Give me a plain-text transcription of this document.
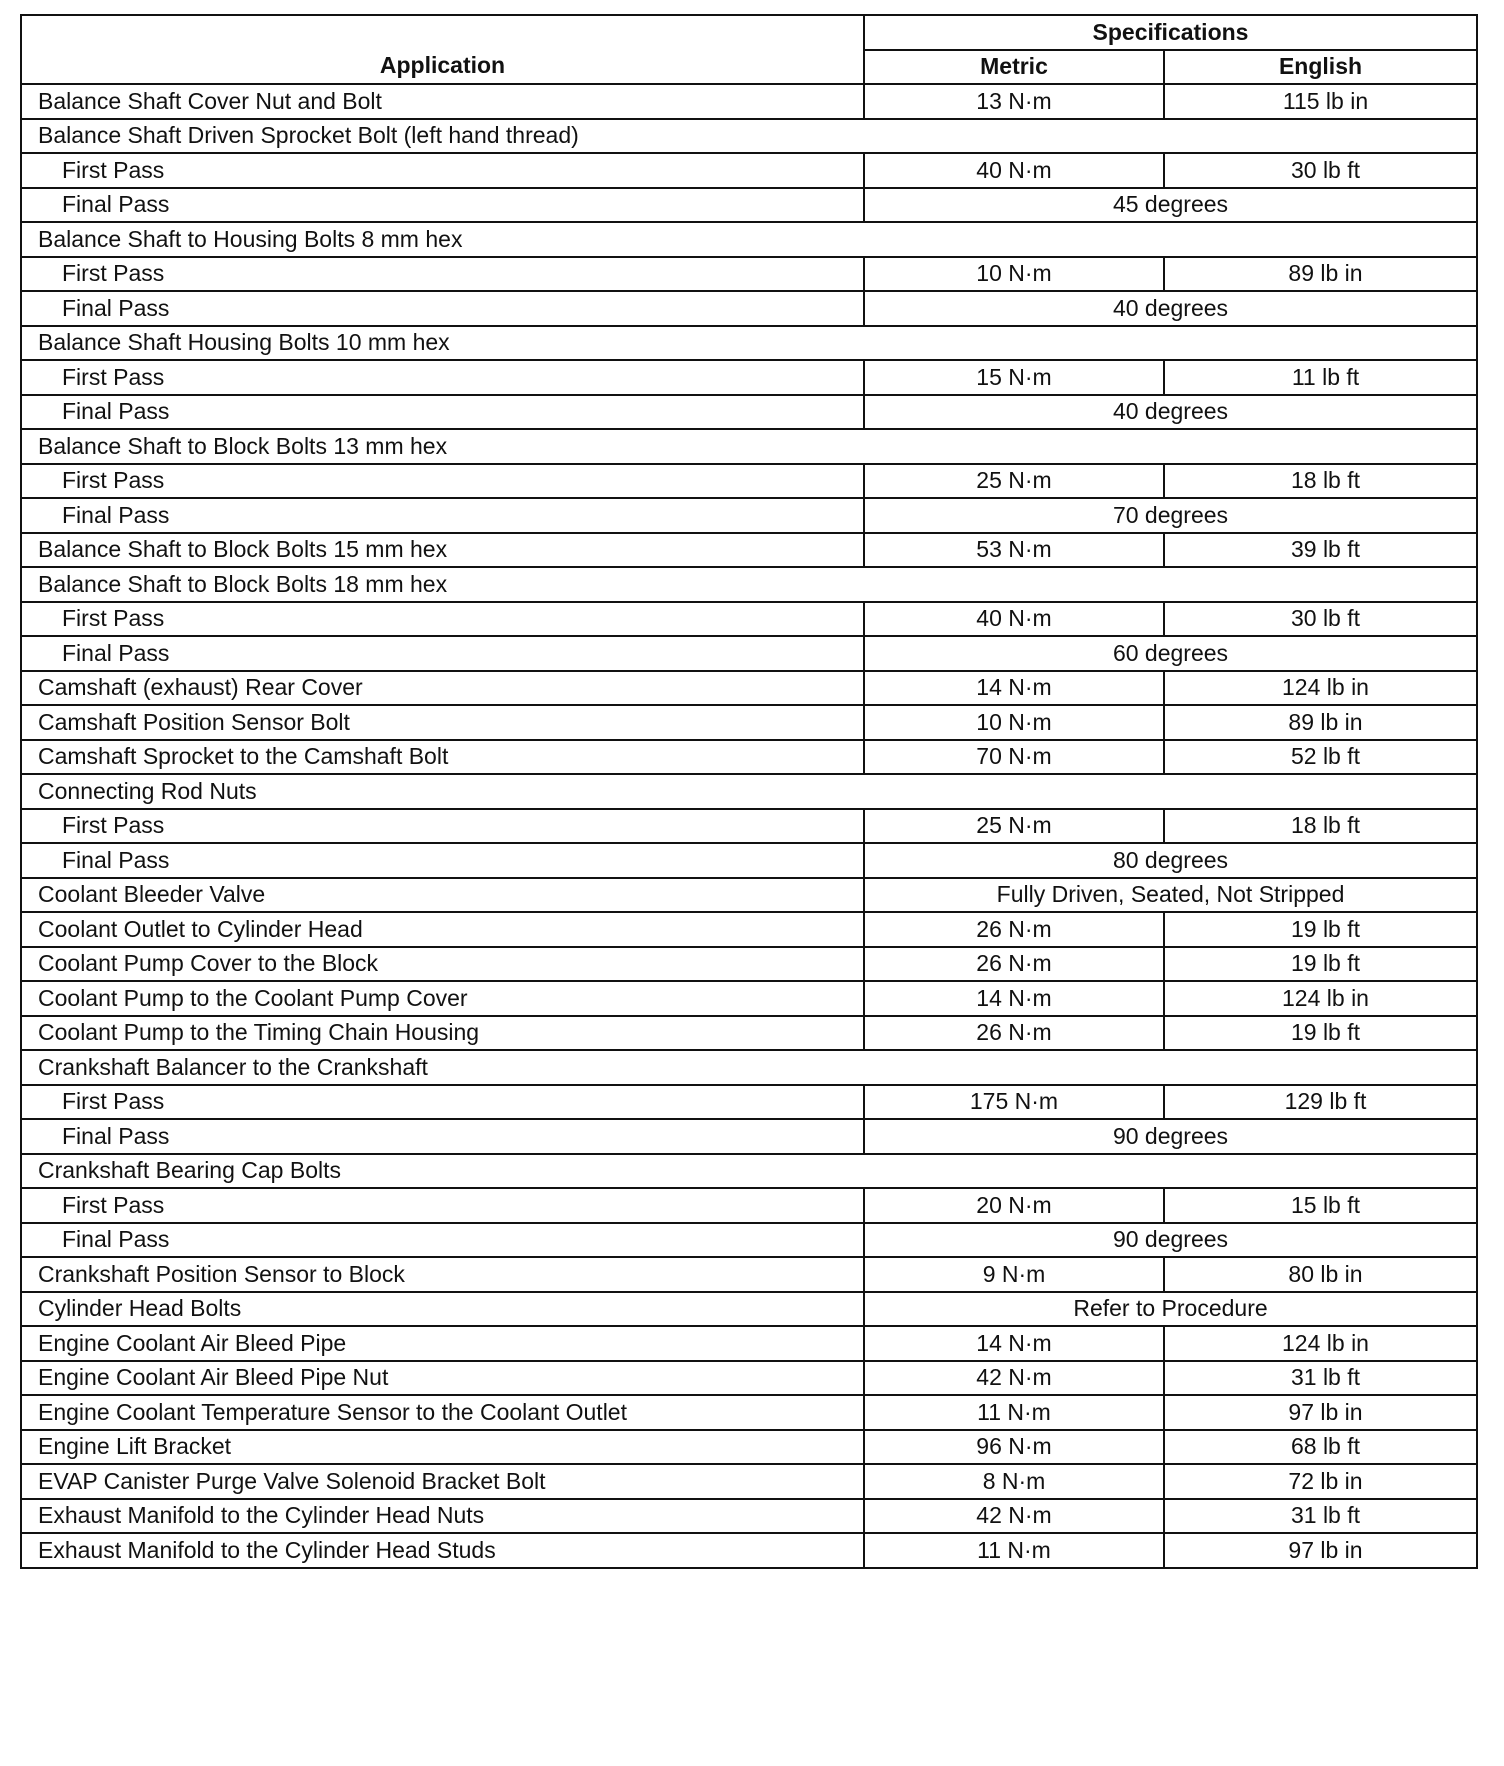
Application	Specifications	
	Metric	English
Balance Shaft Cover Nut and Bolt	13 N·m	115 lb in
Balance Shaft Driven Sprocket Bolt (left hand thread)		
First Pass	40 N·m	30 lb ft
Final Pass	45 degrees	
Balance Shaft to Housing Bolts 8 mm hex		
First Pass	10 N·m	89 lb in
Final Pass	40 degrees	
Balance Shaft Housing Bolts 10 mm hex		
First Pass	15 N·m	11 lb ft
Final Pass	40 degrees	
Balance Shaft to Block Bolts 13 mm hex		
First Pass	25 N·m	18 lb ft
Final Pass	70 degrees	
Balance Shaft to Block Bolts 15 mm hex	53 N·m	39 lb ft
Balance Shaft to Block Bolts 18 mm hex		
First Pass	40 N·m	30 lb ft
Final Pass	60 degrees	
Camshaft (exhaust) Rear Cover	14 N·m	124 lb in
Camshaft Position Sensor Bolt	10 N·m	89 lb in
Camshaft Sprocket to the Camshaft Bolt	70 N·m	52 lb ft
Connecting Rod Nuts		
First Pass	25 N·m	18 lb ft
Final Pass	80 degrees	
Coolant Bleeder Valve	Fully Driven, Seated, Not Stripped	
Coolant Outlet to Cylinder Head	26 N·m	19 lb ft
Coolant Pump Cover to the Block	26 N·m	19 lb ft
Coolant Pump to the Coolant Pump Cover	14 N·m	124 lb in
Coolant Pump to the Timing Chain Housing	26 N·m	19 lb ft
Crankshaft Balancer to the Crankshaft		
First Pass	175 N·m	129 lb ft
Final Pass	90 degrees	
Crankshaft Bearing Cap Bolts		
First Pass	20 N·m	15 lb ft
Final Pass	90 degrees	
Crankshaft Position Sensor to Block	9 N·m	80 lb in
Cylinder Head Bolts	Refer to Procedure	
Engine Coolant Air Bleed Pipe	14 N·m	124 lb in
Engine Coolant Air Bleed Pipe Nut	42 N·m	31 lb ft
Engine Coolant Temperature Sensor to the Coolant Outlet	11 N·m	97 lb in
Engine Lift Bracket	96 N·m	68 lb ft
EVAP Canister Purge Valve Solenoid Bracket Bolt	8 N·m	72 lb in
Exhaust Manifold to the Cylinder Head Nuts	42 N·m	31 lb ft
Exhaust Manifold to the Cylinder Head Studs	11 N·m	97 lb in
